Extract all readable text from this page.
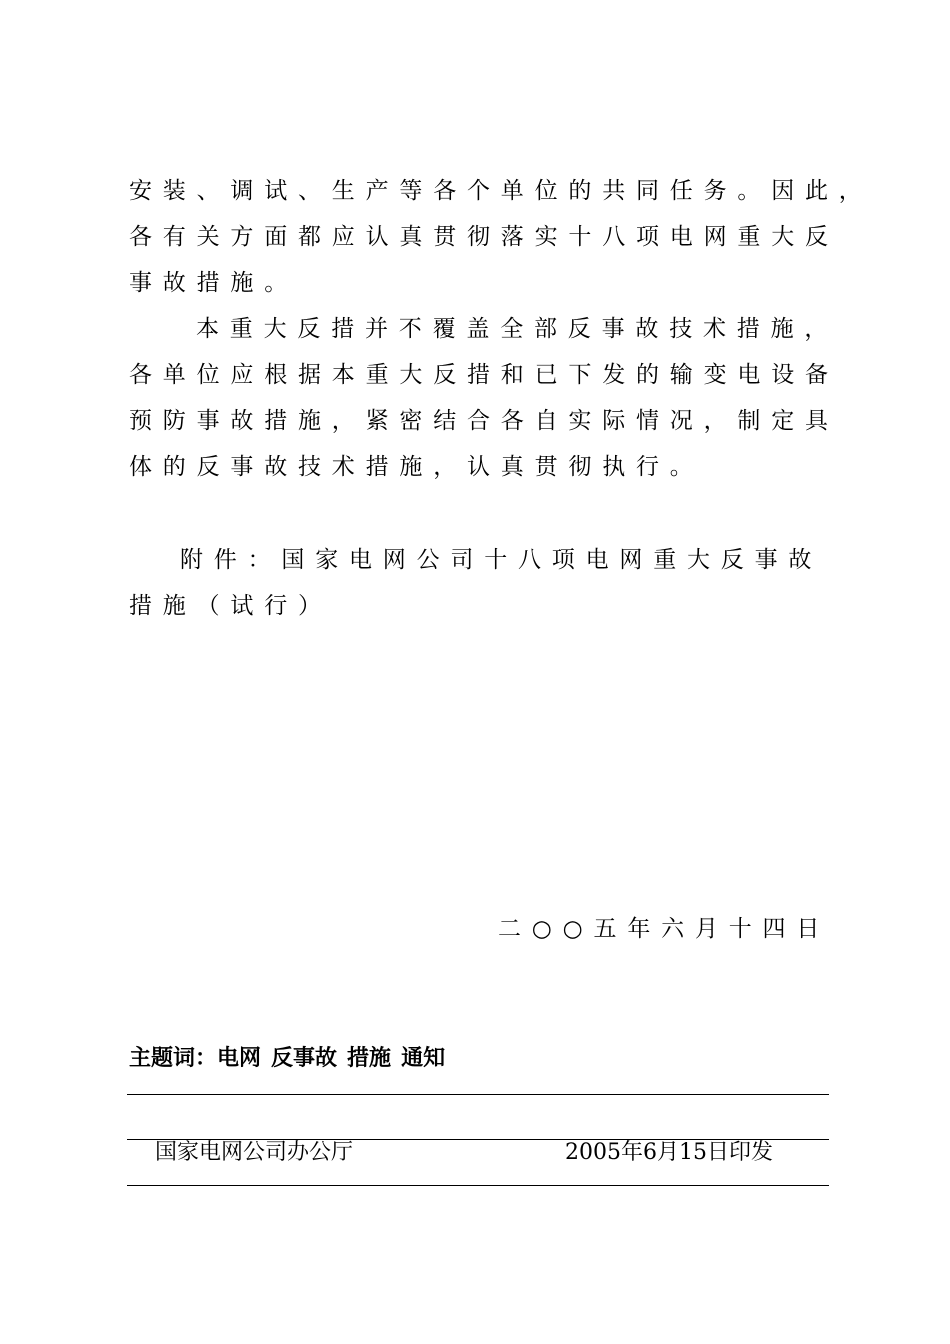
安装、调试、生产等各个单位的共同任务。因此，
各有关方面都应认真贯彻落实十八项电网重大反
事故措施。
本重大反措并不覆盖全部反事故技术措施，
各单位应根据本重大反措和已下发的输变电设备
预防事故措施，紧密结合各自实际情况，制定具
体的反事故技术措施，认真贯彻执行。
附件：国家电网公司十八项电网重大反事故
措施（试行）
二○○五年六月十四日
主题词：电网 反事故 措施 通知
国家电网公司办公厅	2005年6月15日印发
